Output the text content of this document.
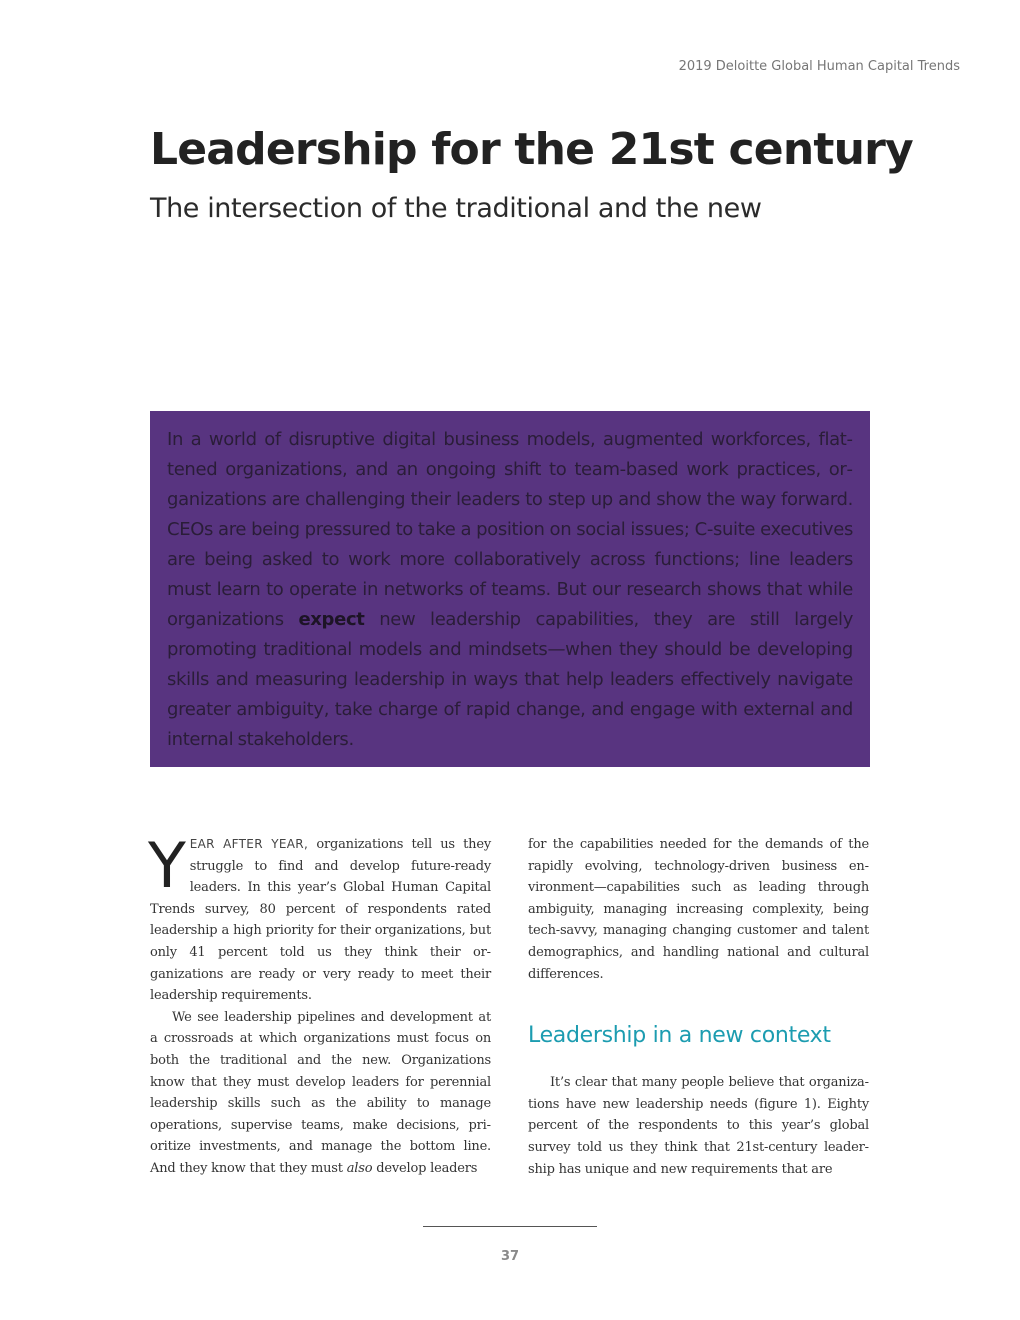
2019 Deloitte Global Human Capital Trends
Leadership for the 21st century
The intersection of the traditional and the new

In a world of disruptive digital business models, augmented workforces, flattened organizations, and an ongoing shift to team-based work practices, organizations are challenging their leaders to step up and show the way forward. CEOs are being pressured to take a position on social issues; C-suite executives are being asked to work more collaboratively across functions; line leaders must learn to operate in networks of teams. But our research shows that while organizations expect new leadership capabilities, they are still largely promoting traditional models and mindsets—when they should be developing skills and measuring leadership in ways that help leaders effectively navigate greater ambiguity, take charge of rapid change, and engage with external and internal stakeholders.

YEAR AFTER YEAR, organizations tell us they struggle to find and develop future-ready leaders. In this year’s Global Human Capital Trends survey, 80 percent of respondents rated leadership a high priority for their organizations, but only 41 percent told us they think their organizations are ready or very ready to meet their leadership requirements.

We see leadership pipelines and development at a crossroads at which organizations must focus on both the traditional and the new. Organizations know that they must develop leaders for perennial leadership skills such as the ability to manage operations, supervise teams, make decisions, prioritize investments, and manage the bottom line. And they know that they must also develop leaders

for the capabilities needed for the demands of the rapidly evolving, technology-driven business environment—capabilities such as leading through ambiguity, managing increasing complexity, being tech-savvy, managing changing customer and talent demographics, and handling national and cultural differences.

Leadership in a new context

It’s clear that many people believe that organizations have new leadership needs (figure 1). Eighty percent of the respondents to this year’s global survey told us they think that 21st-century leadership has unique and new requirements that are

37
